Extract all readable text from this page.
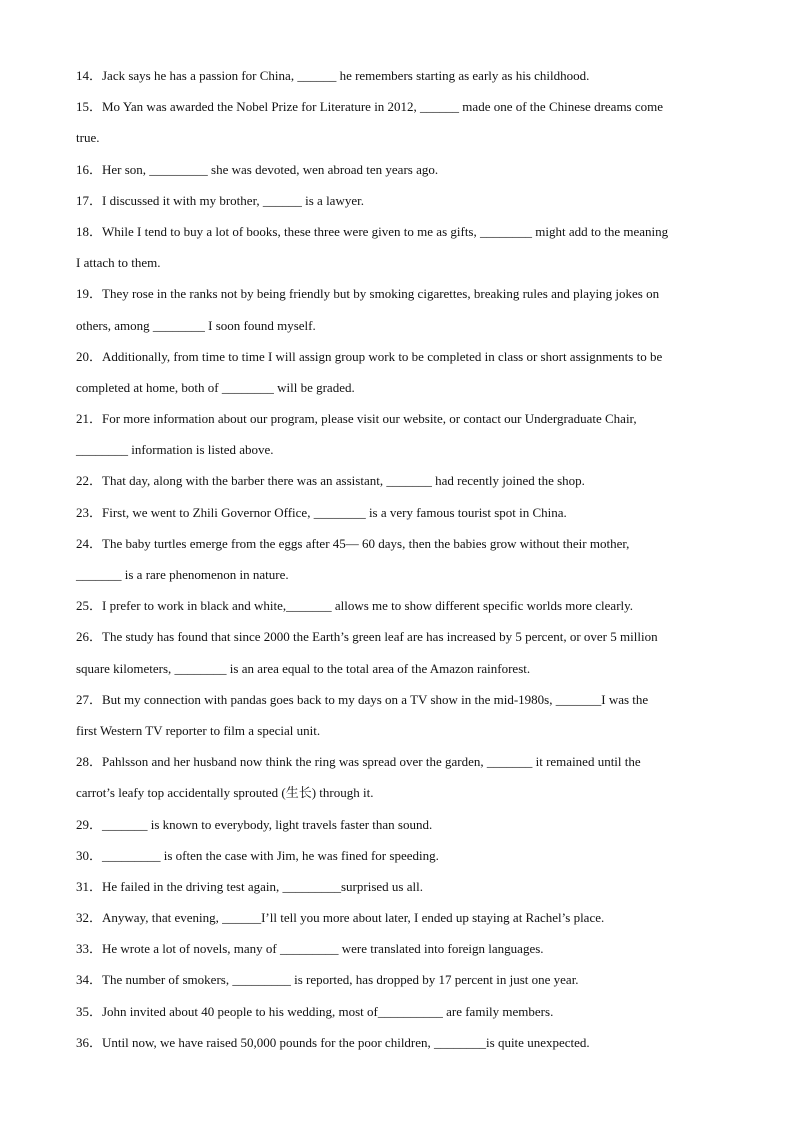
14．Jack says he has a passion for China, ______ he remembers starting as early as his childhood.
15．Mo Yan was awarded the Nobel Prize for Literature in 2012, ______ made one of the Chinese dreams come
true.
16．Her son, _________ she was devoted, wen abroad ten years ago.
17．I discussed it with my brother, ______ is a lawyer.
18．While I tend to buy a lot of books, these three were given to me as gifts, ________ might add to the meaning
I attach to them.
19．They rose in the ranks not by being friendly but by smoking cigarettes, breaking rules and playing jokes on
others, among ________ I soon found myself.
20．Additionally, from time to time I will assign group work to be completed in class or short assignments to be
completed at home, both of ________ will be graded.
21．For more information about our program, please visit our website, or contact our Undergraduate Chair,
________ information is listed above.
22．That day, along with the barber there was an assistant, _______ had recently joined the shop.
23．First, we went to Zhili Governor Office, ________ is a very famous tourist spot in China.
24．The baby turtles emerge from the eggs after 45— 60 days, then the babies grow without their mother,
_______ is a rare phenomenon in nature.
25．I prefer to work in black and white,_______ allows me to show different specific worlds more clearly.
26．The study has found that since 2000 the Earth’s green leaf are has increased by 5 percent, or over 5 million
square kilometers, ________ is an area equal to the total area of the Amazon rainforest.
27．But my connection with pandas goes back to my days on a TV show in the mid-1980s, _______I was the
first Western TV reporter to film a special unit.
28．Pahlsson and her husband now think the ring was spread over the garden, _______ it remained until the
carrot’s leafy top accidentally sprouted (生长) through it.
29．_______ is known to everybody, light travels faster than sound.
30．_________ is often the case with Jim, he was fined for speeding.
31．He failed in the driving test again, _________surprised us all.
32．Anyway, that evening, ______I’ll tell you more about later, I ended up staying at Rachel’s place.
33．He wrote a lot of novels, many of _________ were translated into foreign languages.
34．The number of smokers, _________ is reported, has dropped by 17 percent in just one year.
35．John invited about 40 people to his wedding, most of__________ are family members.
36．Until now, we have raised 50,000 pounds for the poor children, ________is quite unexpected.
